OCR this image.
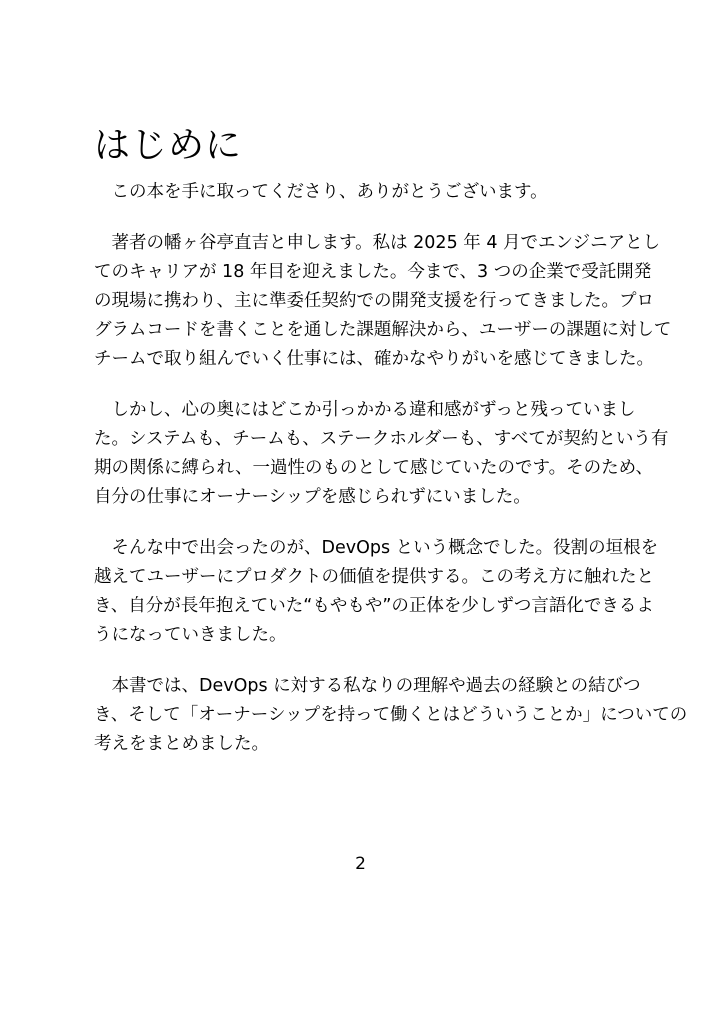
はじめに

　この本を手に取ってくださり、ありがとうございます。

　著者の幡ヶ谷亭直吉と申します。私は 2025 年 4 月でエンジニアとし
てのキャリアが 18 年目を迎えました。今まで、3 つの企業で受託開発
の現場に携わり、主に準委任契約での開発支援を行ってきました。プロ
グラムコードを書くことを通した課題解決から、ユーザーの課題に対して
チームで取り組んでいく仕事には、確かなやりがいを感じてきました。

　しかし、心の奥にはどこか引っかかる違和感がずっと残っていまし
た。システムも、チームも、ステークホルダーも、すべてが契約という有
期の関係に縛られ、一過性のものとして感じていたのです。そのため、
自分の仕事にオーナーシップを感じられずにいました。

　そんな中で出会ったのが、DevOps という概念でした。役割の垣根を
越えてユーザーにプロダクトの価値を提供する。この考え方に触れたと
き、自分が長年抱えていた“もやもや”の正体を少しずつ言語化できるよ
うになっていきました。

　本書では、DevOps に対する私なりの理解や過去の経験との結びつ
き、そして「オーナーシップを持って働くとはどういうことか」についての
考えをまとめました。

2
